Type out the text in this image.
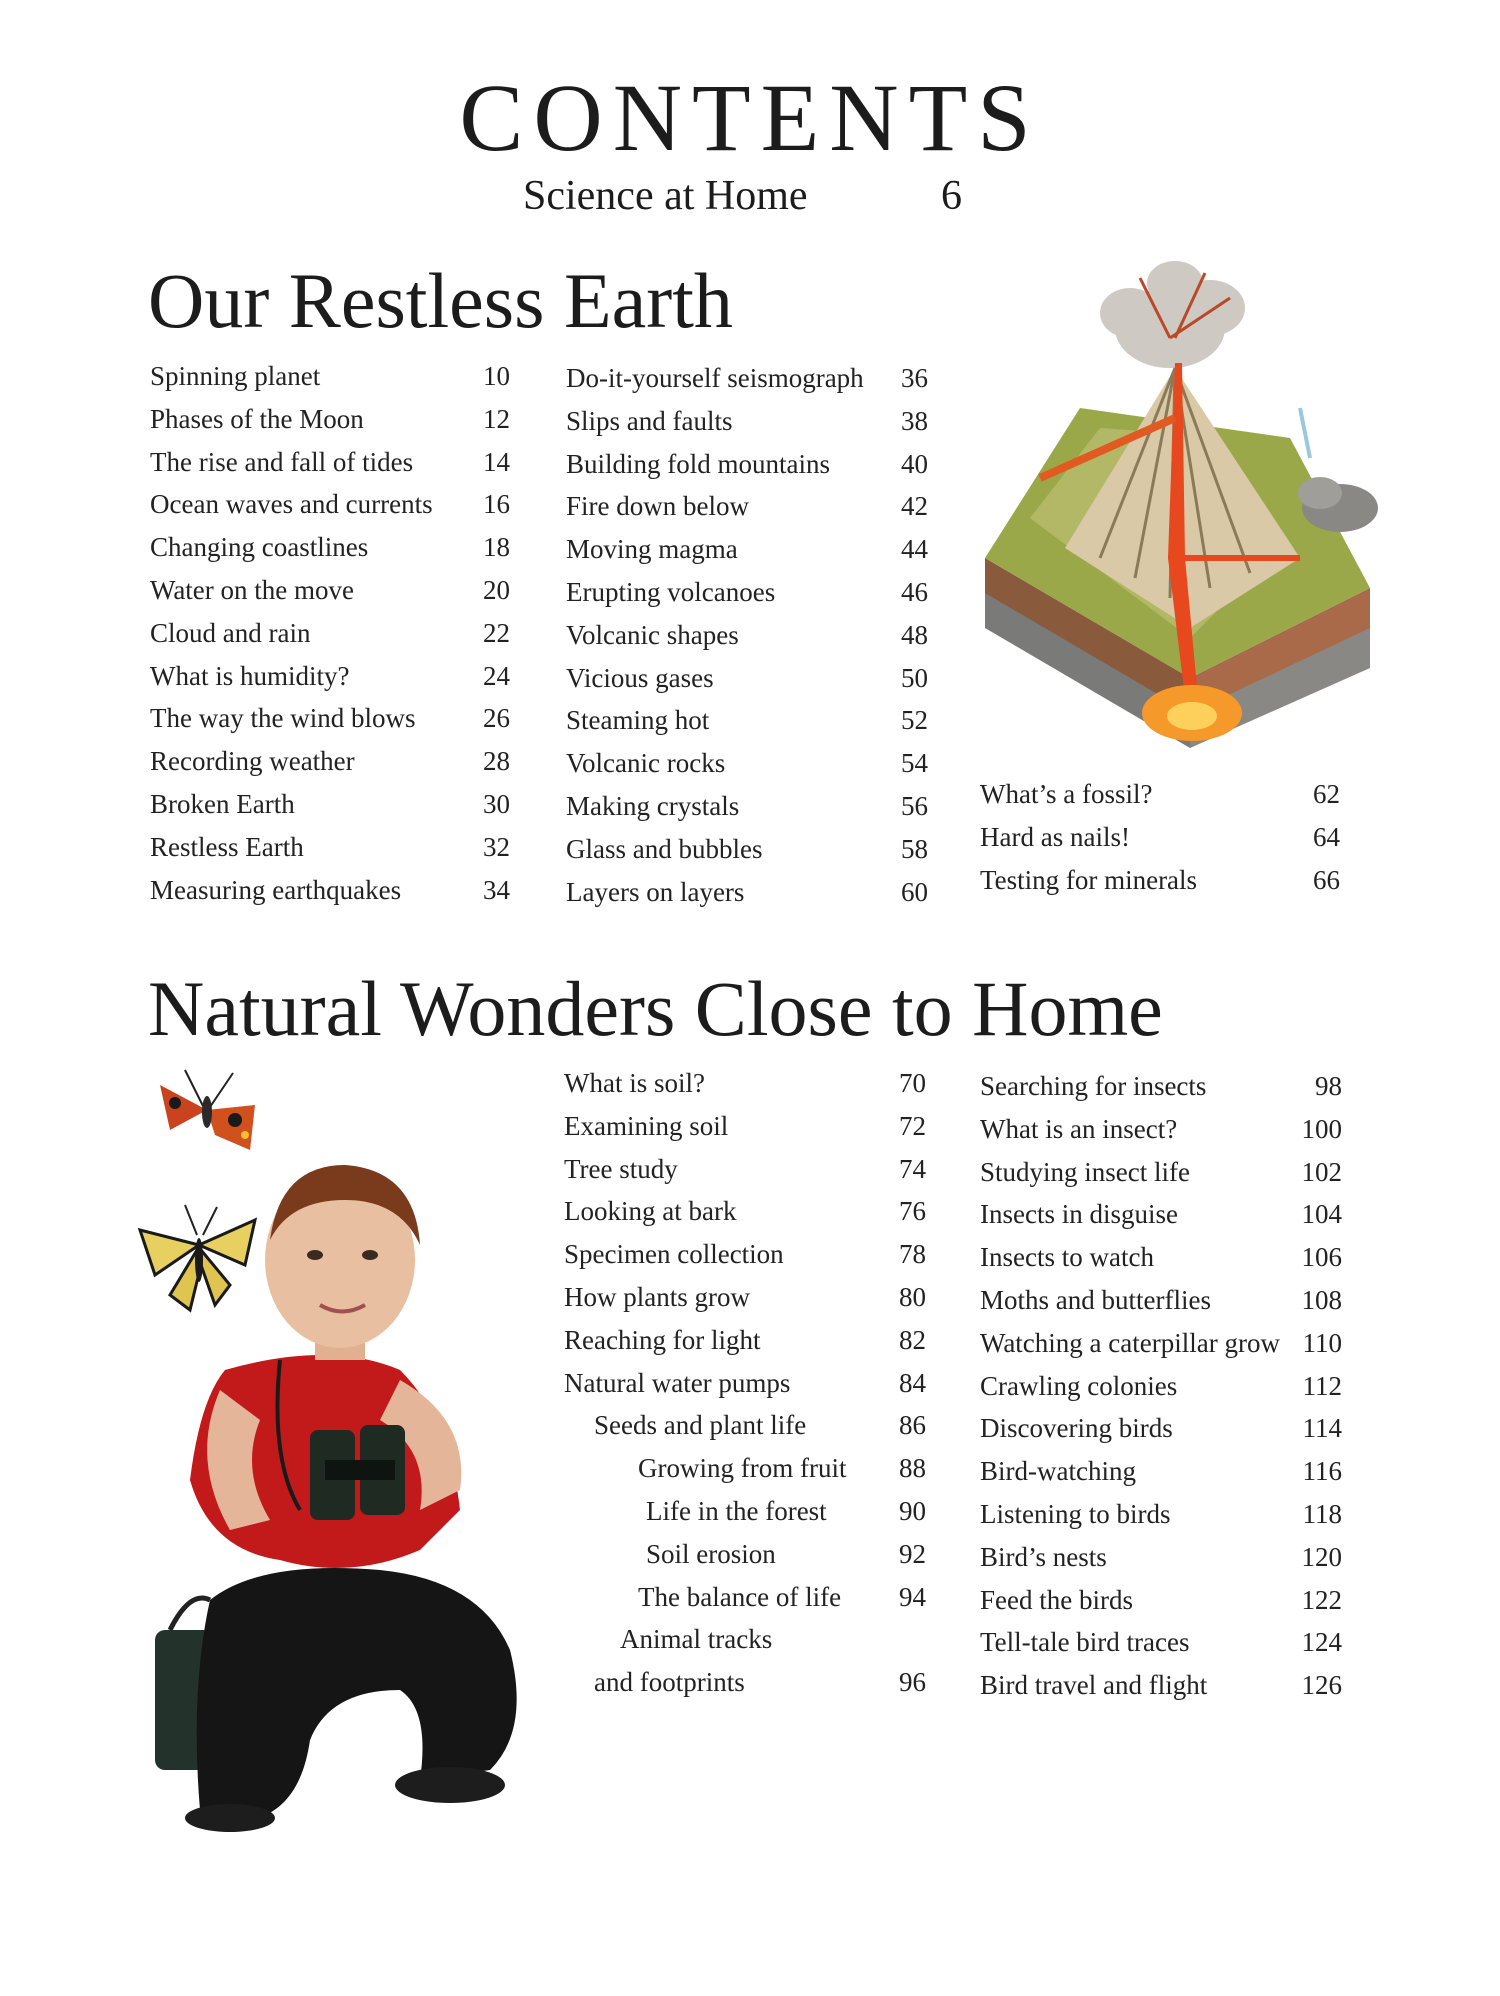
CONTENTS
Science at Home	6
Our Restless Earth
Spinning planet	10
Phases of the Moon	12
The rise and fall of tides	14
Ocean waves and currents 16
Changing coastlines	18
Water on the move	20
Cloud and rain	22
What is humidity?	24
The way the wind blows	26
Recording weather	28
Broken Earth	30
Restless Earth	32
Measuring earthquakes	34
Do-it-yourself seismograph 36
Slips and faults	38
Building fold mountains	40
Fire down below	42
Moving magma	44
Erupting volcanoes	46
Volcanic shapes	48
Vicious gases	50
Steaming hot	52
Volcanic rocks	54
Making crystals	56
Glass and bubbles	58
Layers on layers	60
What’s a fossil?	62
Hard as nails!	64
Testing for minerals	66
Natural Wonders Close to Home
What is soil?	70
Examining soil	72
Tree study	74
Looking at bark	76
Specimen collection	78
How plants grow	80
Reaching for light	82
Natural water pumps	84
Seeds and plant life	86
Growing from fruit 88
Life in the forest	90
Soil erosion	92
The balance of life 94
Animal tracks
and footprints	96
Searching for insects	98
What is an insect?	100
Studying insect life	102
Insects in disguise	104
Insects to watch	106
Moths and butterflies	108
Watching a caterpillar grow 110
Crawling colonies	112
Discovering birds	114
Bird-watching	116
Listening to birds	118
Bird’s nests	120
Feed the birds	122
Tell-tale bird traces	124
Bird travel and flight	126
